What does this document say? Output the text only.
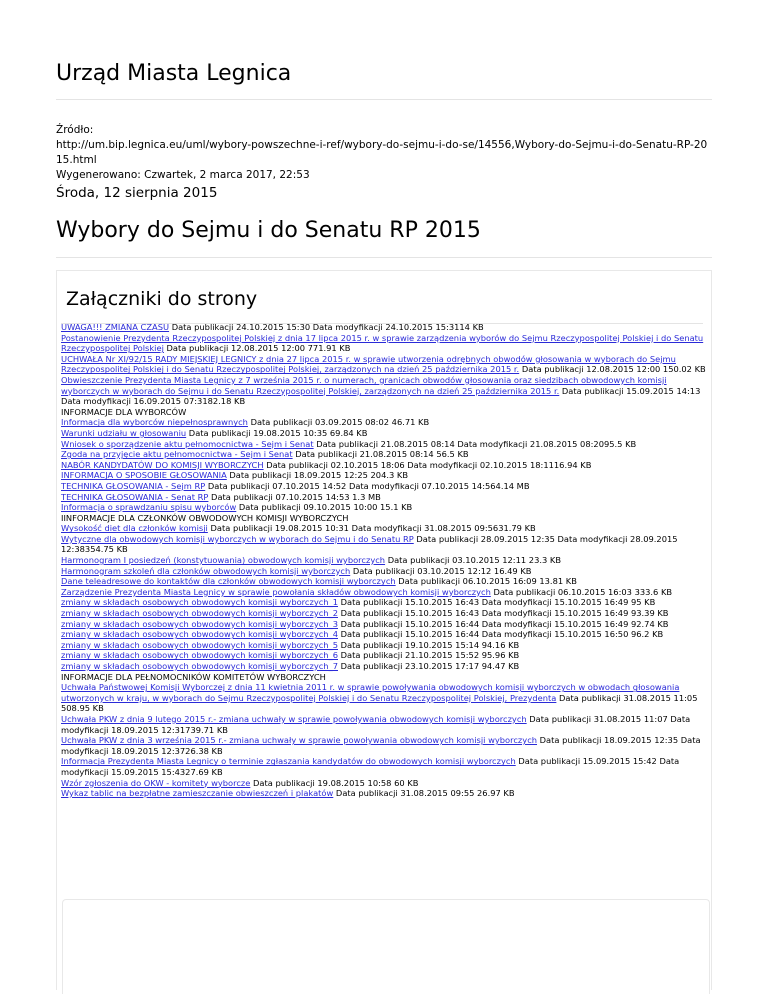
Urząd Miasta Legnica
Źródło:
http://um.bip.legnica.eu/uml/wybory-powszechne-i-ref/wybory-do-sejmu-i-do-se/14556,Wybory-do-Sejmu-i-do-Senatu-RP-2015.html
Wygenerowano: Czwartek, 2 marca 2017, 22:53
Środa, 12 sierpnia 2015
Wybory do Sejmu i do Senatu RP 2015
Załączniki do strony
UWAGA!!! ZMIANA CZASU Data publikacji 24.10.2015 15:30 Data modyfikacji 24.10.2015 15:3114 KB
Postanowienie Prezydenta Rzeczypospolitej Polskiej z dnia 17 lipca 2015 r. w sprawie zarządzenia wyborów do Sejmu Rzeczypospolitej Polskiej i do Senatu Rzeczypospolitej Polskiej Data publikacji 12.08.2015 12:00 771.91 KB
UCHWAŁA Nr XI/92/15 RADY MIEJSKIEJ LEGNICY z dnia 27 lipca 2015 r. w sprawie utworzenia odrębnych obwodów głosowania w wyborach do Sejmu Rzeczypospolitej Polskiej i do Senatu Rzeczypospolitej Polskiej, zarządzonych na dzień 25 października 2015 r. Data publikacji 12.08.2015 12:00 150.02 KB
Obwieszczenie Prezydenta Miasta Legnicy z 7 września 2015 r. o numerach, granicach obwodów głosowania oraz siedzibach obwodowych komisji wyborczych w wyborach do Sejmu i do Senatu Rzeczypospolitej Polskiej, zarządzonych na dzień 25 października 2015 r. Data publikacji 15.09.2015 14:13 Data modyfikacji 16.09.2015 07:3182.18 KB
INFORMACJE DLA WYBORCÓW
Informacja dla wyborców niepełnosprawnych Data publikacji 03.09.2015 08:02 46.71 KB
Warunki udziału w głosowaniu Data publikacji 19.08.2015 10:35 69.84 KB
Wniosek o sporządzenie aktu pełnomocnictwa - Sejm i Senat Data publikacji 21.08.2015 08:14 Data modyfikacji 21.08.2015 08:2095.5 KB
Zgoda na przyjęcie aktu pełnomocnictwa - Sejm i Senat Data publikacji 21.08.2015 08:14 56.5 KB
NABÓR KANDYDATÓW DO KOMISJI WYBORCZYCH Data publikacji 02.10.2015 18:06 Data modyfikacji 02.10.2015 18:1116.94 KB
INFORMACJA O SPOSOBIE GŁOSOWANIA Data publikacji 18.09.2015 12:25 204.3 KB
TECHNIKA GŁOSOWANIA - Sejm RP Data publikacji 07.10.2015 14:52 Data modyfikacji 07.10.2015 14:564.14 MB
TECHNIKA GŁOSOWANIA - Senat RP Data publikacji 07.10.2015 14:53 1.3 MB
Informacja o sprawdzaniu spisu wyborców Data publikacji 09.10.2015 10:00 15.1 KB
IINFORMACJE DLA CZŁONKÓW OBWODOWYCH KOMISJI WYBORCZYCH
Wysokość diet dla członków komisji Data publikacji 19.08.2015 10:31 Data modyfikacji 31.08.2015 09:5631.79 KB
Wytyczne dla obwodowych komisji wyborczych w wyborach do Sejmu i do Senatu RP Data publikacji 28.09.2015 12:35 Data modyfikacji 28.09.2015 12:38354.75 KB
Harmonogram I posiedzeń (konstytuowania) obwodowych komisji wyborczych Data publikacji 03.10.2015 12:11 23.3 KB
Harmonogram szkoleń dla członków obwodowych komisji wyborczych Data publikacji 03.10.2015 12:12 16.49 KB
Dane teleadresowe do kontaktów dla członków obwodowych komisji wyborczych Data publikacji 06.10.2015 16:09 13.81 KB
Zarządzenie Prezydenta Miasta Legnicy w sprawie powołania składów obwodowych komisji wyborczych Data publikacji 06.10.2015 16:03 333.6 KB
zmiany w składach osobowych obwodowych komisji wyborczych_1 Data publikacji 15.10.2015 16:43 Data modyfikacji 15.10.2015 16:49 95 KB
zmiany w składach osobowych obwodowych komisji wyborczych_2 Data publikacji 15.10.2015 16:43 Data modyfikacji 15.10.2015 16:49 93.39 KB
zmiany w składach osobowych obwodowych komisji wyborczych_3 Data publikacji 15.10.2015 16:44 Data modyfikacji 15.10.2015 16:49 92.74 KB
zmiany w składach osobowych obwodowych komisji wyborczych_4 Data publikacji 15.10.2015 16:44 Data modyfikacji 15.10.2015 16:50 96.2 KB
zmiany w składach osobowych obwodowych komisji wyborczych_5 Data publikacji 19.10.2015 15:14 94.16 KB
zmiany w składach osobowych obwodowych komisji wyborczych_6 Data publikacji 21.10.2015 15:52 95.96 KB
zmiany w składach osobowych obwodowych komisji wyborczych_7 Data publikacji 23.10.2015 17:17 94.47 KB
INFORMACJE DLA PEŁNOMOCNIKÓW KOMITETÓW WYBORCZYCH
Uchwała Państwowej Komisji Wyborczej z dnia 11 kwietnia 2011 r. w sprawie powoływania obwodowych komisji wyborczych w obwodach głosowania utworzonych w kraju, w wyborach do Sejmu Rzeczypospolitej Polskiej i do Senatu Rzeczypospolitej Polskiej, Prezydenta Data publikacji 31.08.2015 11:05 508.95 KB
Uchwała PKW z dnia 9 lutego 2015 r.- zmiana uchwały w sprawie powoływania obwodowych komisji wyborczych Data publikacji 31.08.2015 11:07 Data modyfikacji 18.09.2015 12:31739.71 KB
Uchwała PKW z dnia 3 września 2015 r.- zmiana uchwały w sprawie powoływania obwodowych komisji wyborczych Data publikacji 18.09.2015 12:35 Data modyfikacji 18.09.2015 12:3726.38 KB
Informacja Prezydenta Miasta Legnicy o terminie zgłaszania kandydatów do obwodowych komisji wyborczych Data publikacji 15.09.2015 15:42 Data modyfikacji 15.09.2015 15:4327.69 KB
Wzór zgłoszenia do OKW - komitety wyborcze Data publikacji 19.08.2015 10:58 60 KB
Wykaz tablic na bezpłatne zamieszczanie obwieszczeń i plakatów Data publikacji 31.08.2015 09:55 26.97 KB
